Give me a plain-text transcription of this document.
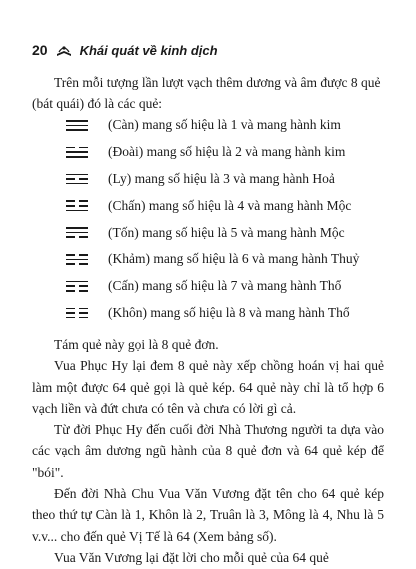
20 Khái quát về kinh dịch

Trên mỗi tượng lần lượt vạch thêm dương và âm được 8 quẻ (bát quái) đó là các quẻ:

(Càn) mang số hiệu là 1 và mang hành kim
(Đoài) mang số hiệu là 2 và mang hành kim
(Ly) mang số hiệu là 3 và mang hành Hoả
(Chấn) mang số hiệu là 4 và mang hành Mộc
(Tốn) mang số hiệu là 5 và mang hành Mộc
(Khảm) mang số hiệu là 6 và mang hành Thuỷ
(Cấn) mang số hiệu là 7 và mang hành Thổ
(Khôn) mang số hiệu là 8 và mang hành Thổ

Tám quẻ này gọi là 8 quẻ đơn.

Vua Phục Hy lại đem 8 quẻ này xếp chồng hoán vị hai quẻ làm một được 64 quẻ gọi là quẻ kép. 64 quẻ này chỉ là tổ hợp 6 vạch liền và đứt chưa có tên và chưa có lời gì cả.

Từ đời Phục Hy đến cuối đời Nhà Thương người ta dựa vào các vạch âm dương ngũ hành của 8 quẻ đơn và 64 quẻ kép để "bói".

Đến đời Nhà Chu Vua Văn Vương đặt tên cho 64 quẻ kép theo thứ tự Càn là 1, Khôn là 2, Truân là 3, Mông là 4, Nhu là 5 v.v... cho đến quẻ Vị Tế là 64 (Xem bảng số).

Vua Văn Vương lại đặt lời cho mỗi quẻ của 64 quẻ
